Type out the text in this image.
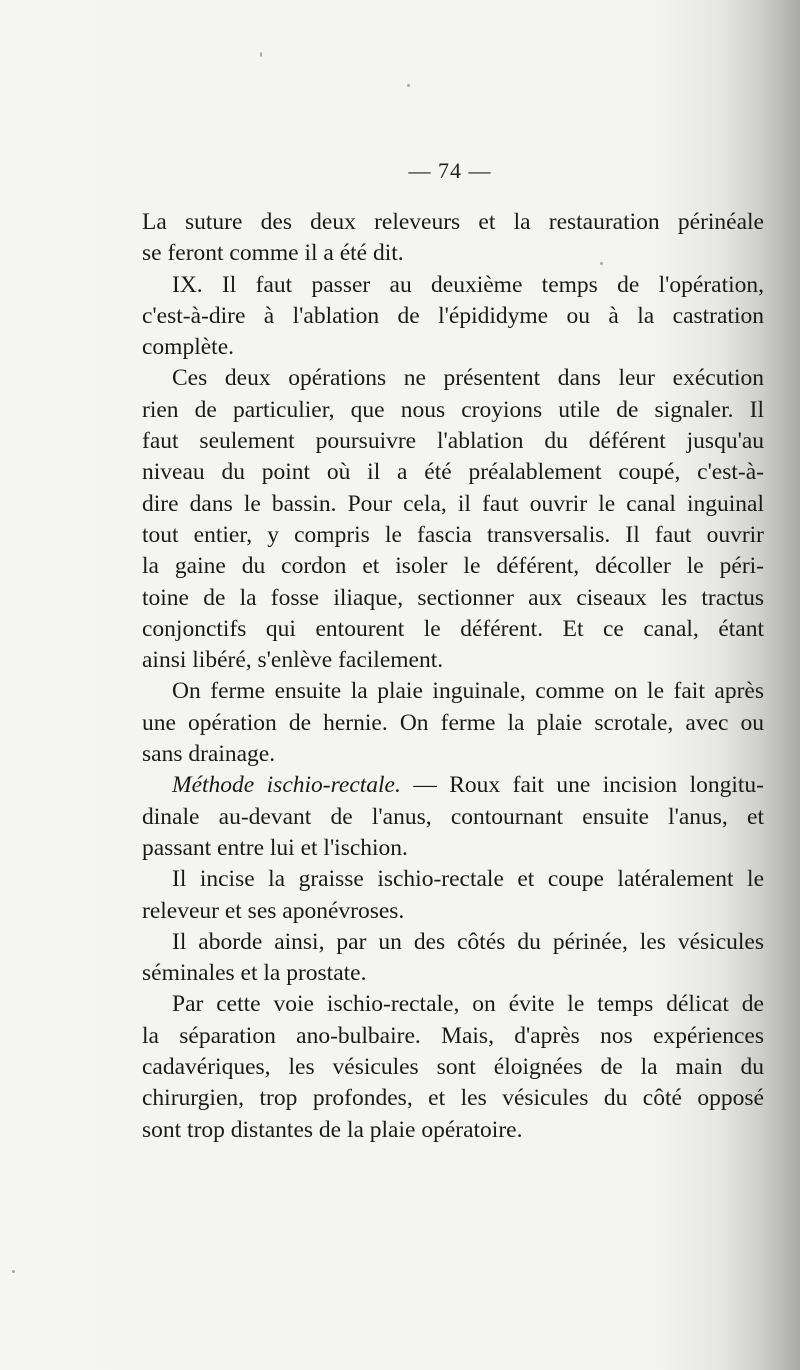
— 74 —
La suture des deux releveurs et la restauration périnéale
se feront comme il a été dit.
IX. Il faut passer au deuxième temps de l'opération,
c'est-à-dire à l'ablation de l'épididyme ou à la castration
complète.
Ces deux opérations ne présentent dans leur exécution
rien de particulier, que nous croyions utile de signaler. Il
faut seulement poursuivre l'ablation du déférent jusqu'au
niveau du point où il a été préalablement coupé, c'est-à-
dire dans le bassin. Pour cela, il faut ouvrir le canal inguinal
tout entier, y compris le fascia transversalis. Il faut ouvrir
la gaine du cordon et isoler le déférent, décoller le péri-
toine de la fosse iliaque, sectionner aux ciseaux les tractus
conjonctifs qui entourent le déférent. Et ce canal, étant
ainsi libéré, s'enlève facilement.
On ferme ensuite la plaie inguinale, comme on le fait après
une opération de hernie. On ferme la plaie scrotale, avec ou
sans drainage.
Méthode ischio-rectale. — Roux fait une incision longitu-
dinale au-devant de l'anus, contournant ensuite l'anus, et
passant entre lui et l'ischion.
Il incise la graisse ischio-rectale et coupe latéralement le
releveur et ses aponévroses.
Il aborde ainsi, par un des côtés du périnée, les vésicules
séminales et la prostate.
Par cette voie ischio-rectale, on évite le temps délicat de
la séparation ano-bulbaire. Mais, d'après nos expériences
cadavériques, les vésicules sont éloignées de la main du
chirurgien, trop profondes, et les vésicules du côté opposé
sont trop distantes de la plaie opératoire.
